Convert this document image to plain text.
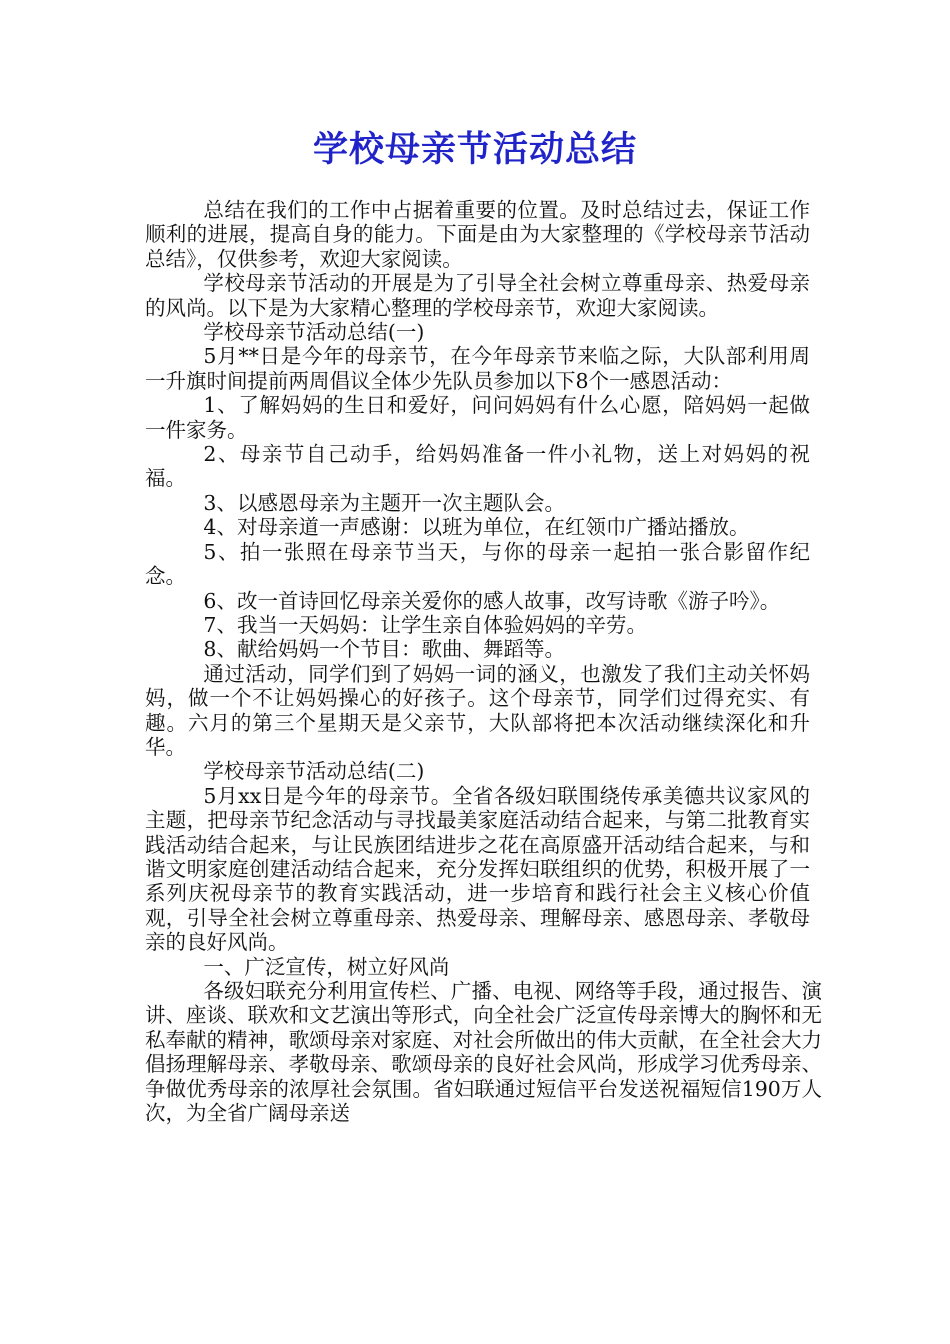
学校母亲节活动总结

总结在我们的工作中占据着重要的位置。及时总结过去，保证工作顺利的进展，提高自身的能力。下面是由为大家整理的《学校母亲节活动总结》，仅供参考，欢迎大家阅读。

学校母亲节活动的开展是为了引导全社会树立尊重母亲、热爱母亲的风尚。以下是为大家精心整理的学校母亲节，欢迎大家阅读。

学校母亲节活动总结(一)

5月**日是今年的母亲节，在今年母亲节来临之际，大队部利用周一升旗时间提前两周倡议全体少先队员参加以下8个一感恩活动：

1、了解妈妈的生日和爱好，问问妈妈有什么心愿，陪妈妈一起做一件家务。

2、母亲节自己动手，给妈妈准备一件小礼物，送上对妈妈的祝福。

3、以感恩母亲为主题开一次主题队会。

4、对母亲道一声感谢：以班为单位，在红领巾广播站播放。

5、拍一张照在母亲节当天，与你的母亲一起拍一张合影留作纪念。

6、改一首诗回忆母亲关爱你的感人故事，改写诗歌《游子吟》。

7、我当一天妈妈：让学生亲自体验妈妈的辛劳。

8、献给妈妈一个节目：歌曲、舞蹈等。

通过活动，同学们到了妈妈一词的涵义，也激发了我们主动关怀妈妈，做一个不让妈妈操心的好孩子。这个母亲节，同学们过得充实、有趣。六月的第三个星期天是父亲节，大队部将把本次活动继续深化和升华。

学校母亲节活动总结(二)

5月xx日是今年的母亲节。全省各级妇联围绕传承美德共议家风的主题，把母亲节纪念活动与寻找最美家庭活动结合起来，与第二批教育实践活动结合起来，与让民族团结进步之花在高原盛开活动结合起来，与和谐文明家庭创建活动结合起来，充分发挥妇联组织的优势，积极开展了一系列庆祝母亲节的教育实践活动，进一步培育和践行社会主义核心价值观，引导全社会树立尊重母亲、热爱母亲、理解母亲、感恩母亲、孝敬母亲的良好风尚。

一、广泛宣传，树立好风尚

各级妇联充分利用宣传栏、广播、电视、网络等手段，通过报告、演讲、座谈、联欢和文艺演出等形式，向全社会广泛宣传母亲博大的胸怀和无私奉献的精神，歌颂母亲对家庭、对社会所做出的伟大贡献，在全社会大力倡扬理解母亲、孝敬母亲、歌颂母亲的良好社会风尚，形成学习优秀母亲、争做优秀母亲的浓厚社会氛围。省妇联通过短信平台发送祝福短信190万人次，为全省广阔母亲送
